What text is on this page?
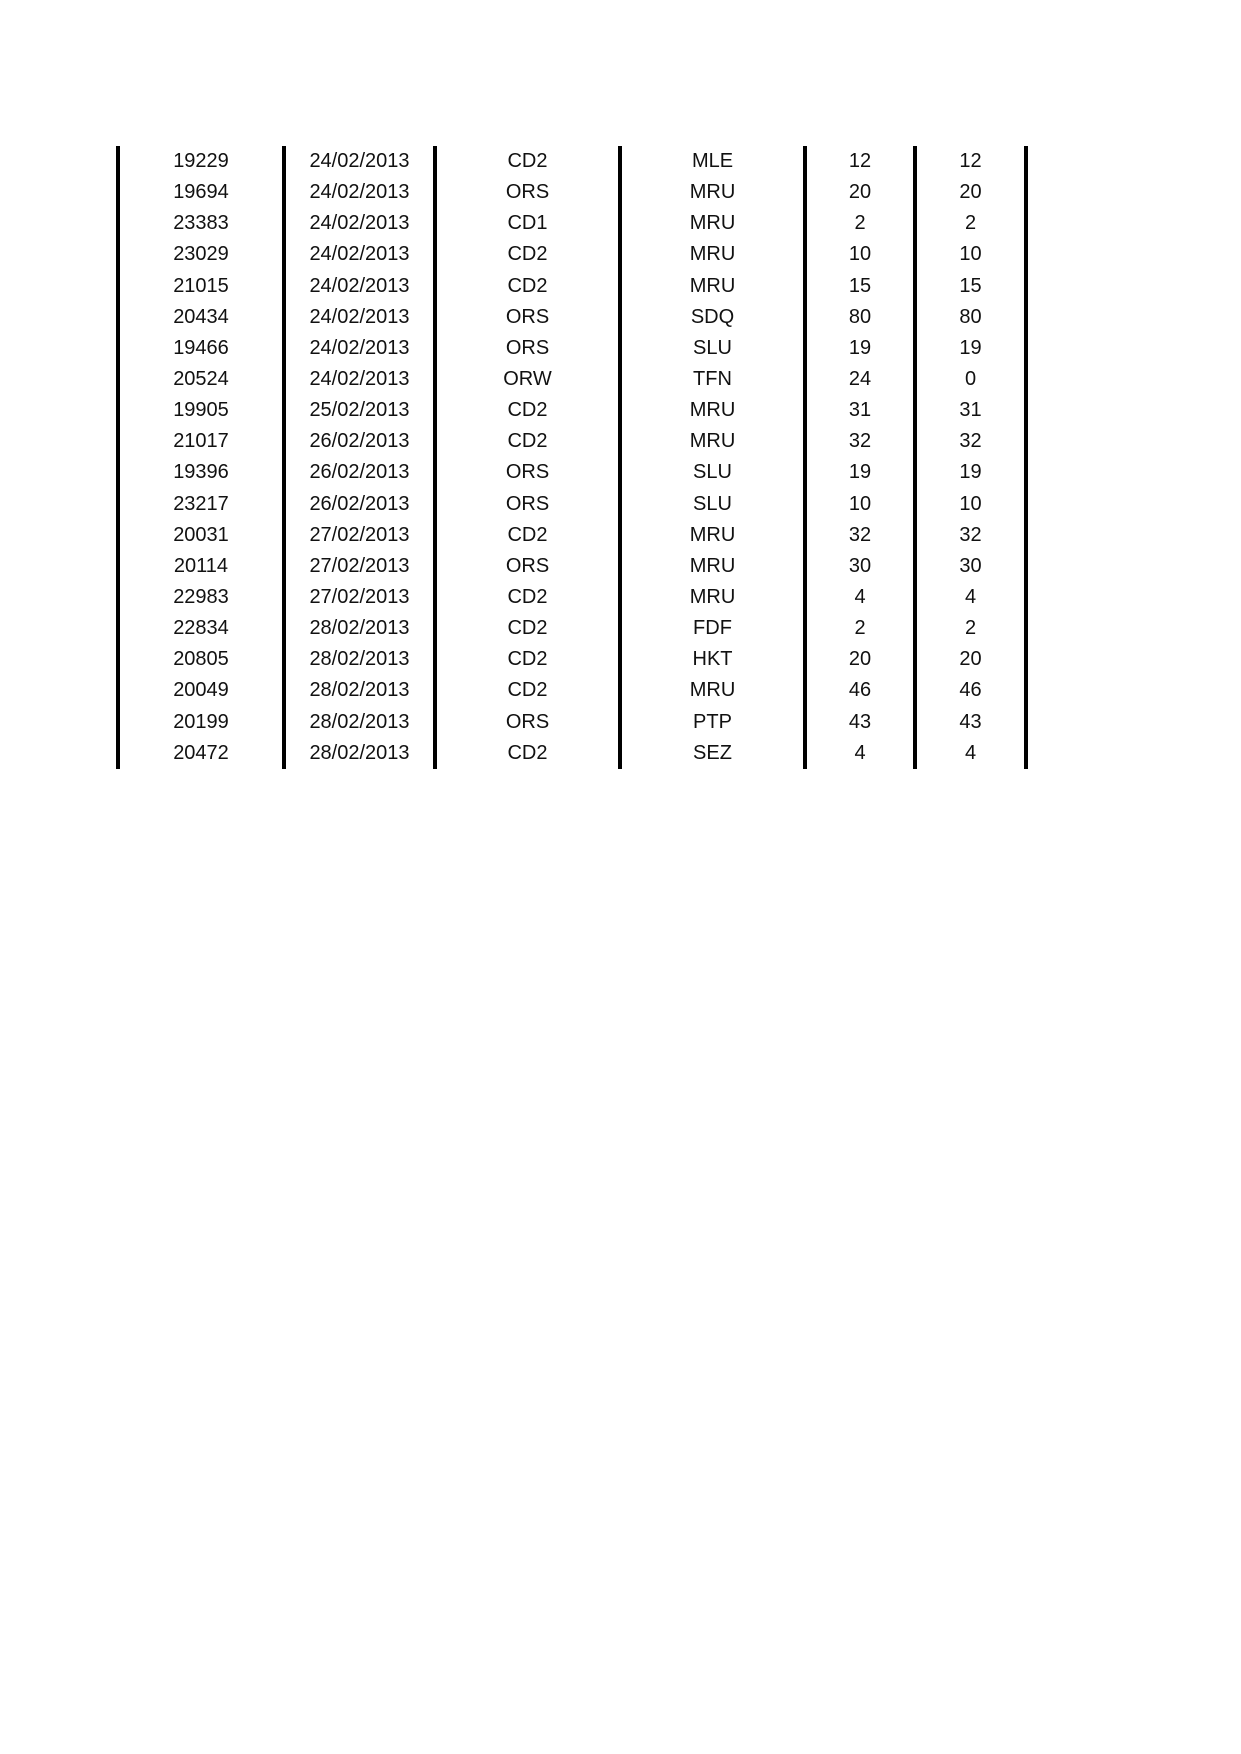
19229	24/02/2013	CD2	MLE	12	12
19694	24/02/2013	ORS	MRU	20	20
23383	24/02/2013	CD1	MRU	2	2
23029	24/02/2013	CD2	MRU	10	10
21015	24/02/2013	CD2	MRU	15	15
20434	24/02/2013	ORS	SDQ	80	80
19466	24/02/2013	ORS	SLU	19	19
20524	24/02/2013	ORW	TFN	24	0
19905	25/02/2013	CD2	MRU	31	31
21017	26/02/2013	CD2	MRU	32	32
19396	26/02/2013	ORS	SLU	19	19
23217	26/02/2013	ORS	SLU	10	10
20031	27/02/2013	CD2	MRU	32	32
20114	27/02/2013	ORS	MRU	30	30
22983	27/02/2013	CD2	MRU	4	4
22834	28/02/2013	CD2	FDF	2	2
20805	28/02/2013	CD2	HKT	20	20
20049	28/02/2013	CD2	MRU	46	46
20199	28/02/2013	ORS	PTP	43	43
20472	28/02/2013	CD2	SEZ	4	4
